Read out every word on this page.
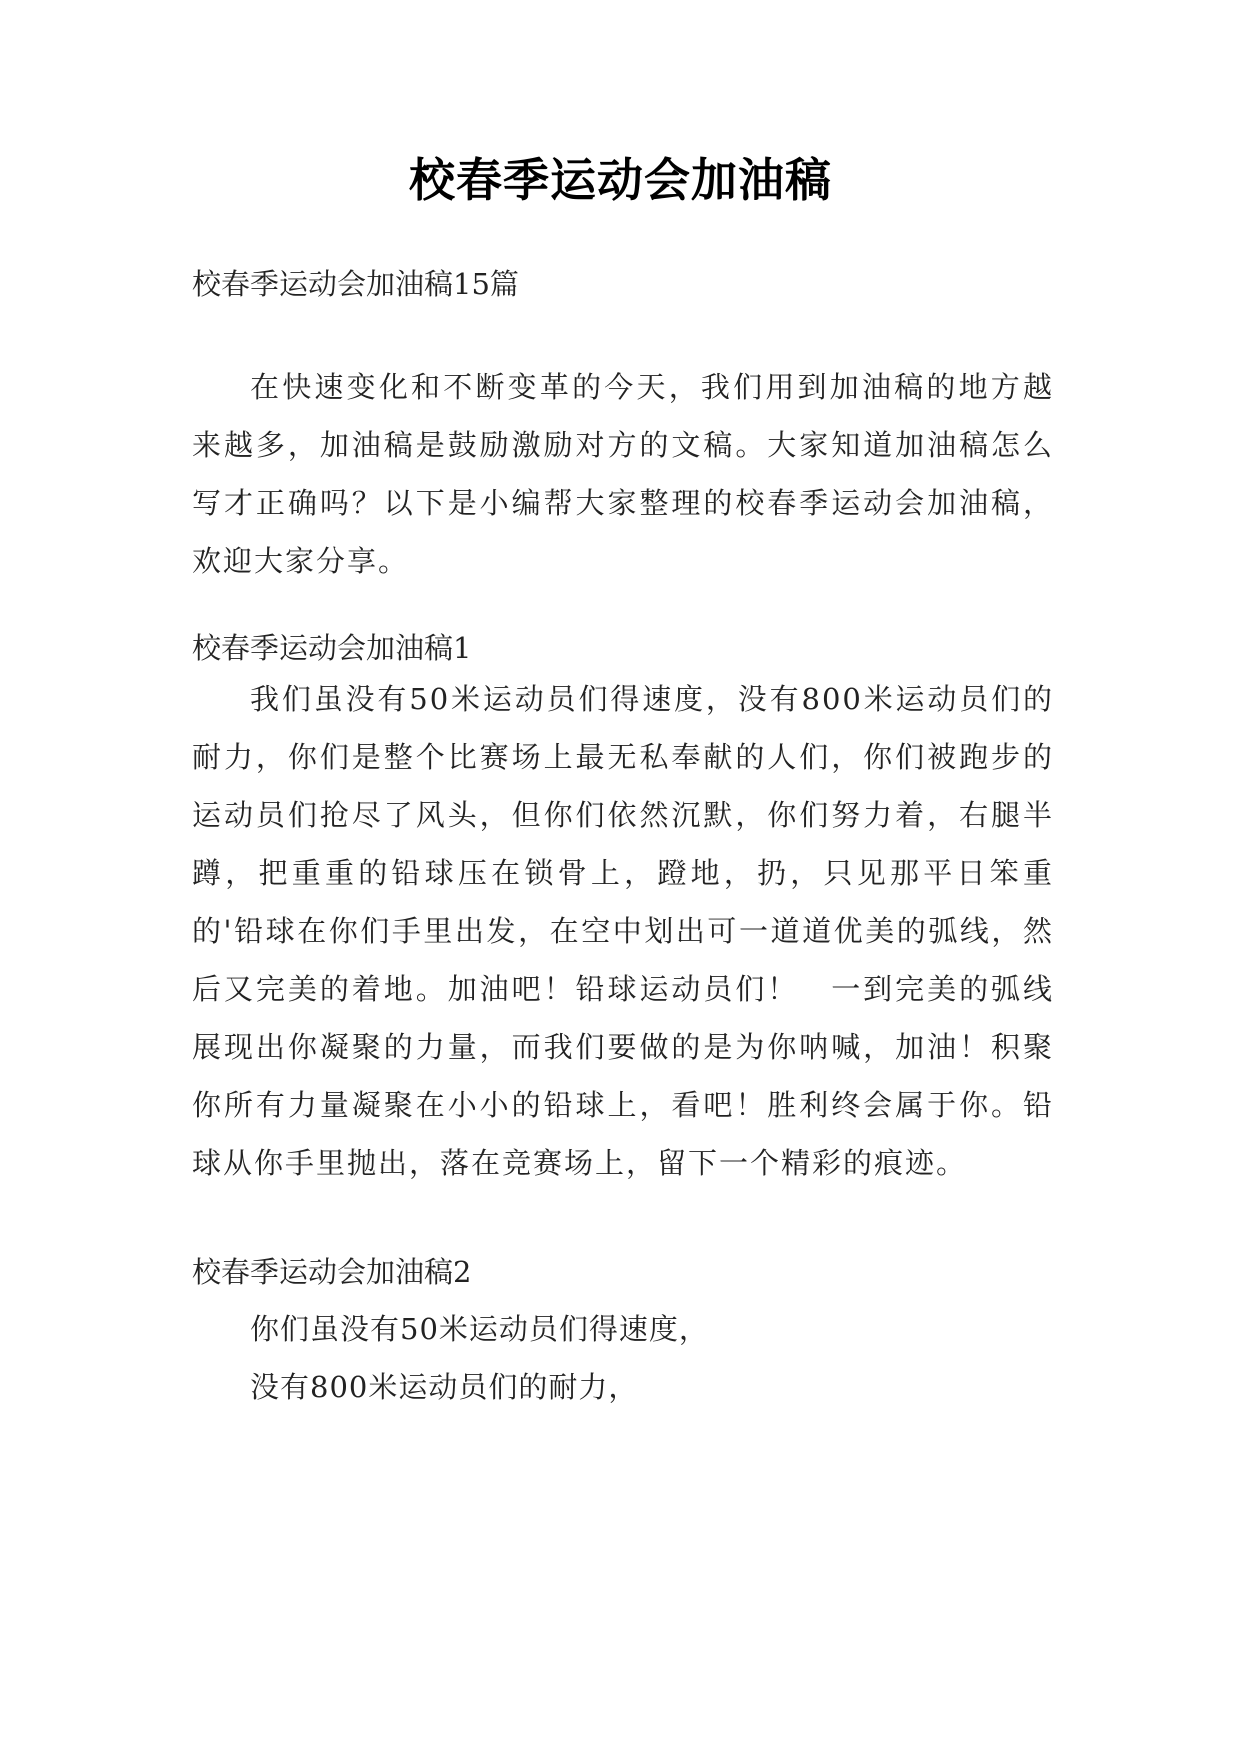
校春季运动会加油稿
校春季运动会加油稿15篇

在快速变化和不断变革的今天，我们用到加油稿的地方越来越多，加油稿是鼓励激励对方的文稿。大家知道加油稿怎么写才正确吗？以下是小编帮大家整理的校春季运动会加油稿，欢迎大家分享。

校春季运动会加油稿1

我们虽没有50米运动员们得速度，没有800米运动员们的耐力，你们是整个比赛场上最无私奉献的人们，你们被跑步的运动员们抢尽了风头，但你们依然沉默，你们努力着，右腿半蹲，把重重的铅球压在锁骨上，蹬地，扔，只见那平日笨重的'铅球在你们手里出发，在空中划出可一道道优美的弧线，然后又完美的着地。加油吧！铅球运动员们！　一到完美的弧线展现出你凝聚的力量，而我们要做的是为你呐喊，加油！积聚你所有力量凝聚在小小的铅球上，看吧！胜利终会属于你。铅球从你手里抛出，落在竞赛场上，留下一个精彩的痕迹。

校春季运动会加油稿2

你们虽没有50米运动员们得速度，

没有800米运动员们的耐力，
